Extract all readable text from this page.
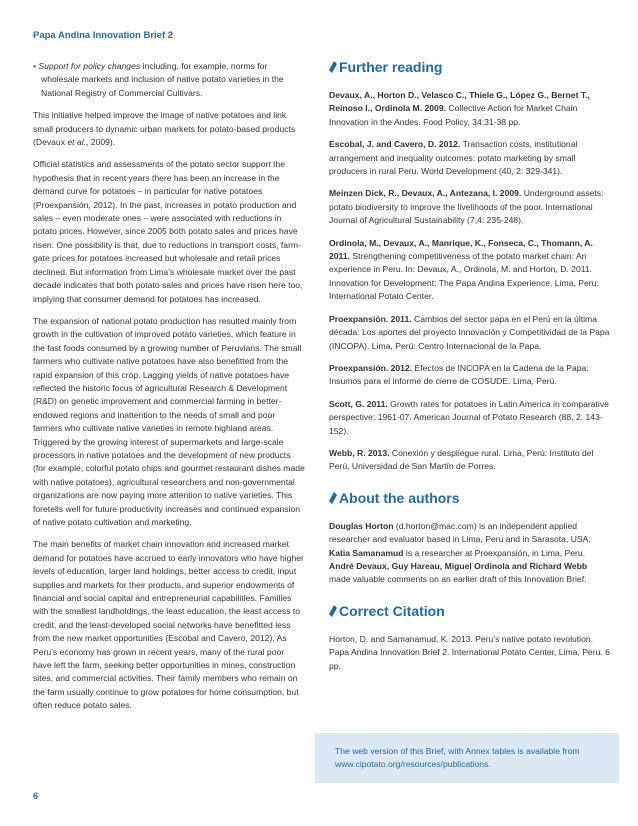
Papa Andina Innovation Brief 2

• Support for policy changes including, for example, norms for wholesale markets and inclusion of native potato varieties in the National Registry of Commercial Cultivars.

This initiative helped improve the image of native potatoes and link small producers to dynamic urban markets for potato-based products (Devaux et al., 2009).

Official statistics and assessments of the potato sector support the hypothesis that in recent years there has been an increase in the demand curve for potatoes – in particular for native potatoes (Proexpansión, 2012). In the past, increases in potato production and sales – even moderate ones – were associated with reductions in potato prices. However, since 2005 both potato sales and prices have risen. One possibility is that, due to reductions in transport costs, farm-gate prices for potatoes increased but wholesale and retail prices declined. But information from Lima’s wholesale market over the past decade indicates that both potato sales and prices have risen here too, implying that consumer demand for potatoes has increased.

The expansion of national potato production has resulted mainly from growth in the cultivation of improved potato varieties, which feature in the fast foods consumed by a growing number of Peruvians. The small farmers who cultivate native potatoes have also benefitted from the rapid expansion of this crop. Lagging yields of native potatoes have reflected the historic focus of agricultural Research & Development (R&D) on genetic improvement and commercial farming in better-endowed regions and inattention to the needs of small and poor farmers who cultivate native varieties in remote highland areas. Triggered by the growing interest of supermarkets and large-scale processors in native potatoes and the development of new products (for example, colorful potato chips and gourmet restaurant dishes made with native potatoes), agricultural researchers and non-governmental organizations are now paying more attention to native varieties. This foretells well for future productivity increases and continued expansion of native potato cultivation and marketing.

The main benefits of market chain innovation and increased market demand for potatoes have accrued to early innovators who have higher levels of education, larger land holdings, better access to credit, input supplies and markets for their products, and superior endowments of financial and social capital and entrepreneurial capabilities. Families with the smallest landholdings, the least education, the least access to credit, and the least-developed social networks have benefitted less from the new market opportunities (Escobal and Cavero, 2012). As Peru’s economy has grown in recent years, many of the rural poor have left the farm, seeking better opportunities in mines, construction sites, and commercial activities. Their family members who remain on the farm usually continue to grow potatoes for home consumption, but often reduce potato sales.

Further reading

Devaux, A., Horton D., Velasco C., Thiele G., López G., Bernet T., Reinoso I., Ordinola M. 2009. Collective Action for Market Chain Innovation in the Andes. Food Policy, 34:31-38 pp.

Escobal, J. and Cavero, D. 2012. Transaction costs, institutional arrangement and inequality outcomes: potato marketing by small producers in rural Peru. World Development (40, 2: 329-341).

Meinzen Dick, R., Devaux, A., Antezana, I. 2009. Underground assets: potato biodiversity to improve the livelihoods of the poor. International Journal of Agricultural Sustainability (7,4: 235-248).

Ordinola, M., Devaux, A., Manrique, K., Fonseca, C., Thomann, A. 2011. Strengthening competitiveness of the potato market chain: An experience in Peru. In: Devaux, A., Ordinola, M. and Horton, D. 2011. Innovation for Development: The Papa Andina Experience. Lima, Peru: International Potato Center.

Proexpansión. 2011. Cambios del sector papa en el Perú en la última década: Los aportes del proyecto Innovación y Competitividad de la Papa (INCOPA). Lima, Perú: Centro Internacional de la Papa.

Proexpansión. 2012. Efectos de INCOPA en la Cadena de la Papa: Insumos para el informe de cierre de COSUDE. Lima, Perú.

Scott, G. 2011. Growth rates for potatoes in Latin America in comparative perspective: 1961-07. American Journal of Potato Research (88, 2: 143-152).

Webb, R. 2013. Conexión y despliegue rural. Lima, Perú: Instituto del Perú, Universidad de San Martín de Porres.

About the authors

Douglas Horton (d.horton@mac.com) is an independent applied researcher and evaluator based in Lima, Peru and in Sarasota, USA. Katia Samanamud is a researcher at Proexpansión, in Lima, Peru. André Devaux, Guy Hareau, Miguel Ordinola and Richard Webb made valuable comments on an earlier draft of this Innovation Brief.

Correct Citation

Horton, D. and Samanamud, K. 2013. Peru’s native potato revolution. Papa Andina Innovation Brief 2. International Potato Center, Lima, Peru. 6 pp.

The web version of this Brief, with Annex tables is available from www.cipotato.org/resources/publications.
6
